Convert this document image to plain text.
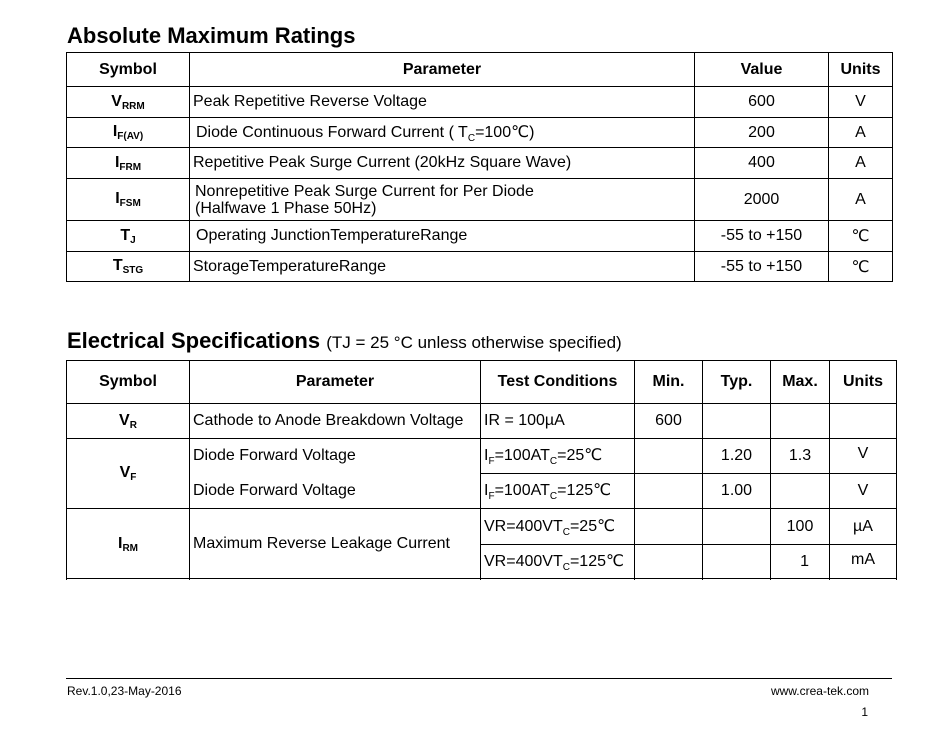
Absolute Maximum Ratings
Symbol	Parameter	Value	Units
$V_{RRM}$	Peak Repetitive Reverse Voltage	600	V
$I_{F(AV)}$	Diode Continuous Forward Current ( $T_C=100℃$)	200	A
$I_{FRM}$	Repetitive Peak Surge Current (20kHz Square Wave)	400	A
$I_{FSM}$	Nonrepetitive Peak Surge Current for Per Diode
(Halfwave 1 Phase 50Hz)	2000	A
$T_J$	Operating JunctionTemperatureRange	-55 to +150	℃
$T_{STG}$	StorageTemperatureRange	-55 to +150	℃
Electrical Specifications (TJ = 25 °C unless otherwise specified)
Symbol	Parameter	Test Conditions	Min.	Typ.	Max.	Units
$V_R$	Cathode to Anode Breakdown Voltage	IR = 100µA	600			
$V_F$	Diode Forward Voltage	$I_F=100AT_C=25℃$		1.20	1.3	V
	Diode Forward Voltage	$I_F=100AT_C=125℃$		1.00		V
$I_{RM}$	Maximum Reverse Leakage Current	$VR=400VT_C=25℃$			100	µA
		$VR=400VT_C=125℃$			1	mA
Rev.1.0,23-May-2016	www.crea-tek.com
1
